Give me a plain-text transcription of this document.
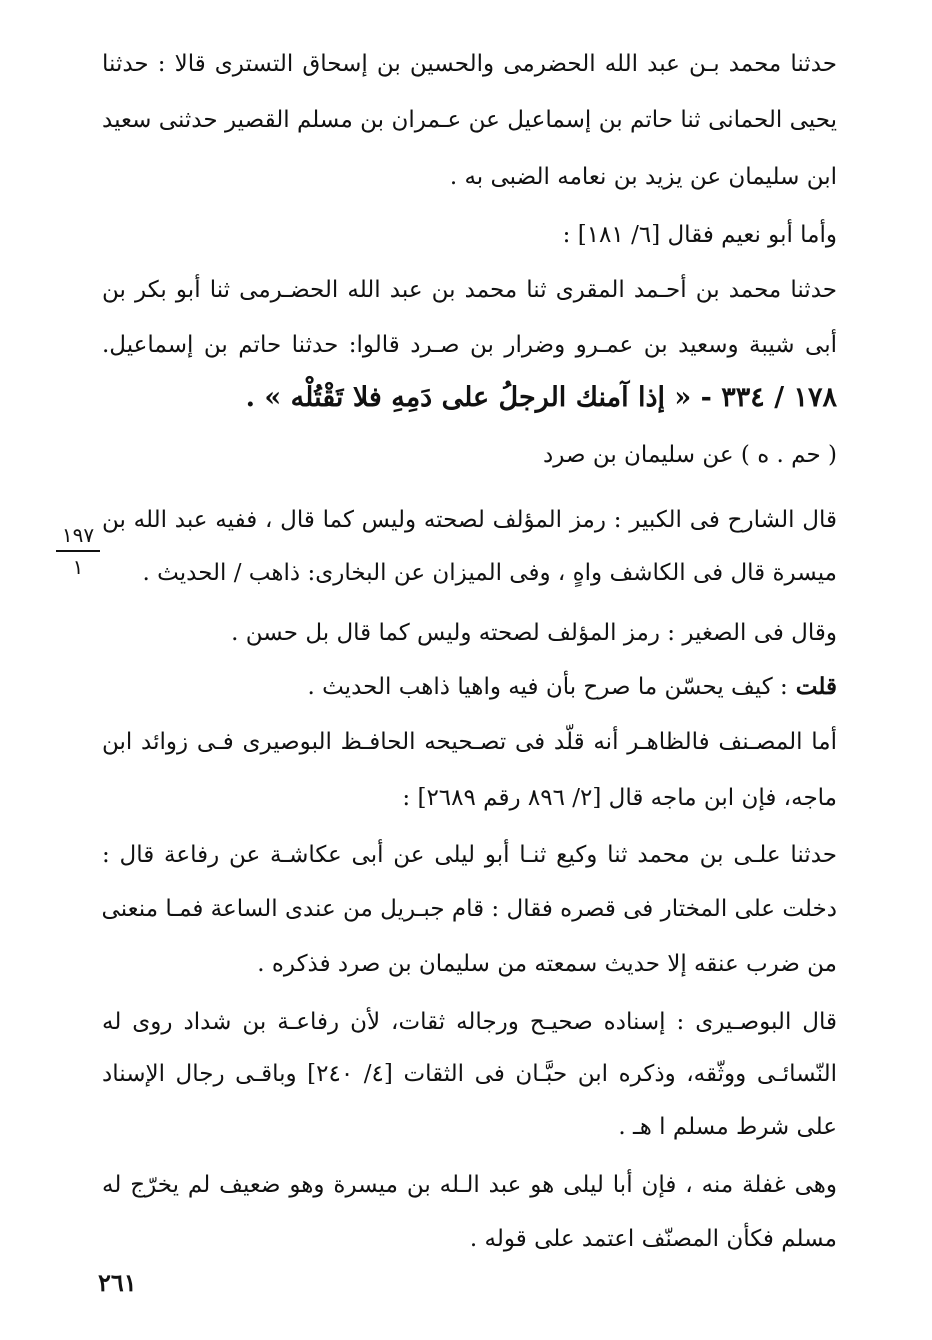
حدثنا محمد بـن عبد الله الحضرمى والحسين بن إسحاق التسترى قالا : حدثنا
يحيى الحمانى ثنا حاتم بن إسماعيل عن عـمران بن مسلم القصير حدثنى سعيد
ابن سليمان عن يزيد بن نعامه الضبى به .
وأما أبو نعيم فقال [٦/ ١٨١] :
حدثنا محمد بن أحـمد المقرى ثنا محمد بن عبد الله الحضـرمى ثنا أبو بكر بن
أبى شيبة وسعيد بن عمـرو وضرار بن صـرد قالوا: حدثنا حاتم بن إسماعيل.
١٧٨ / ٣٣٤ - « إذا آمنك الرجلُ على دَمِهِ فلا تَقْتُلْه » .
( حم . ه ) عن سليمان بن صرد
قال الشارح فى الكبير : رمز المؤلف لصحته وليس كما قال ، ففيه عبد الله بن
ميسرة قال فى الكاشف واهٍ ، وفى الميزان عن البخارى: ذاهب / الحديث .
وقال فى الصغير : رمز المؤلف لصحته وليس كما قال بل حسن .
قلت
: كيف يحسّن ما صرح بأن فيه واهيا ذاهب الحديث .
أما المصـنف فالظاهـر أنه قلّد فى تصـحيحه الحافـظ البوصيرى فـى زوائد ابن
ماجه، فإن ابن ماجه قال [٢/ ٨٩٦ رقم ٢٦٨٩] :
حدثنا علـى بن محمد ثنا وكيع ثنـا أبو ليلى عن أبى عكاشـة عن رفاعة قال :
دخلت على المختار فى قصره فقال : قام جبـريل من عندى الساعة فمـا منعنى
من ضرب عنقه إلا حديث سمعته من سليمان بن صرد فذكره .
قال البوصـيرى : إسناده صحيـح ورجاله ثقات، لأن رفاعـة بن شداد روى له
النّسائـى ووثّقه، وذكره ابن حبَّـان فى الثقات [٤/ ٢٤٠] وباقـى رجال الإسناد
على شرط مسلم ا هـ .
وهى غفلة منه ، فإن أبا ليلى هو عبد الـله بن ميسرة وهو ضعيف لم يخرّج له
مسلم فكأن المصنّف اعتمد على قوله .
١٩٧
١
٢٦١
